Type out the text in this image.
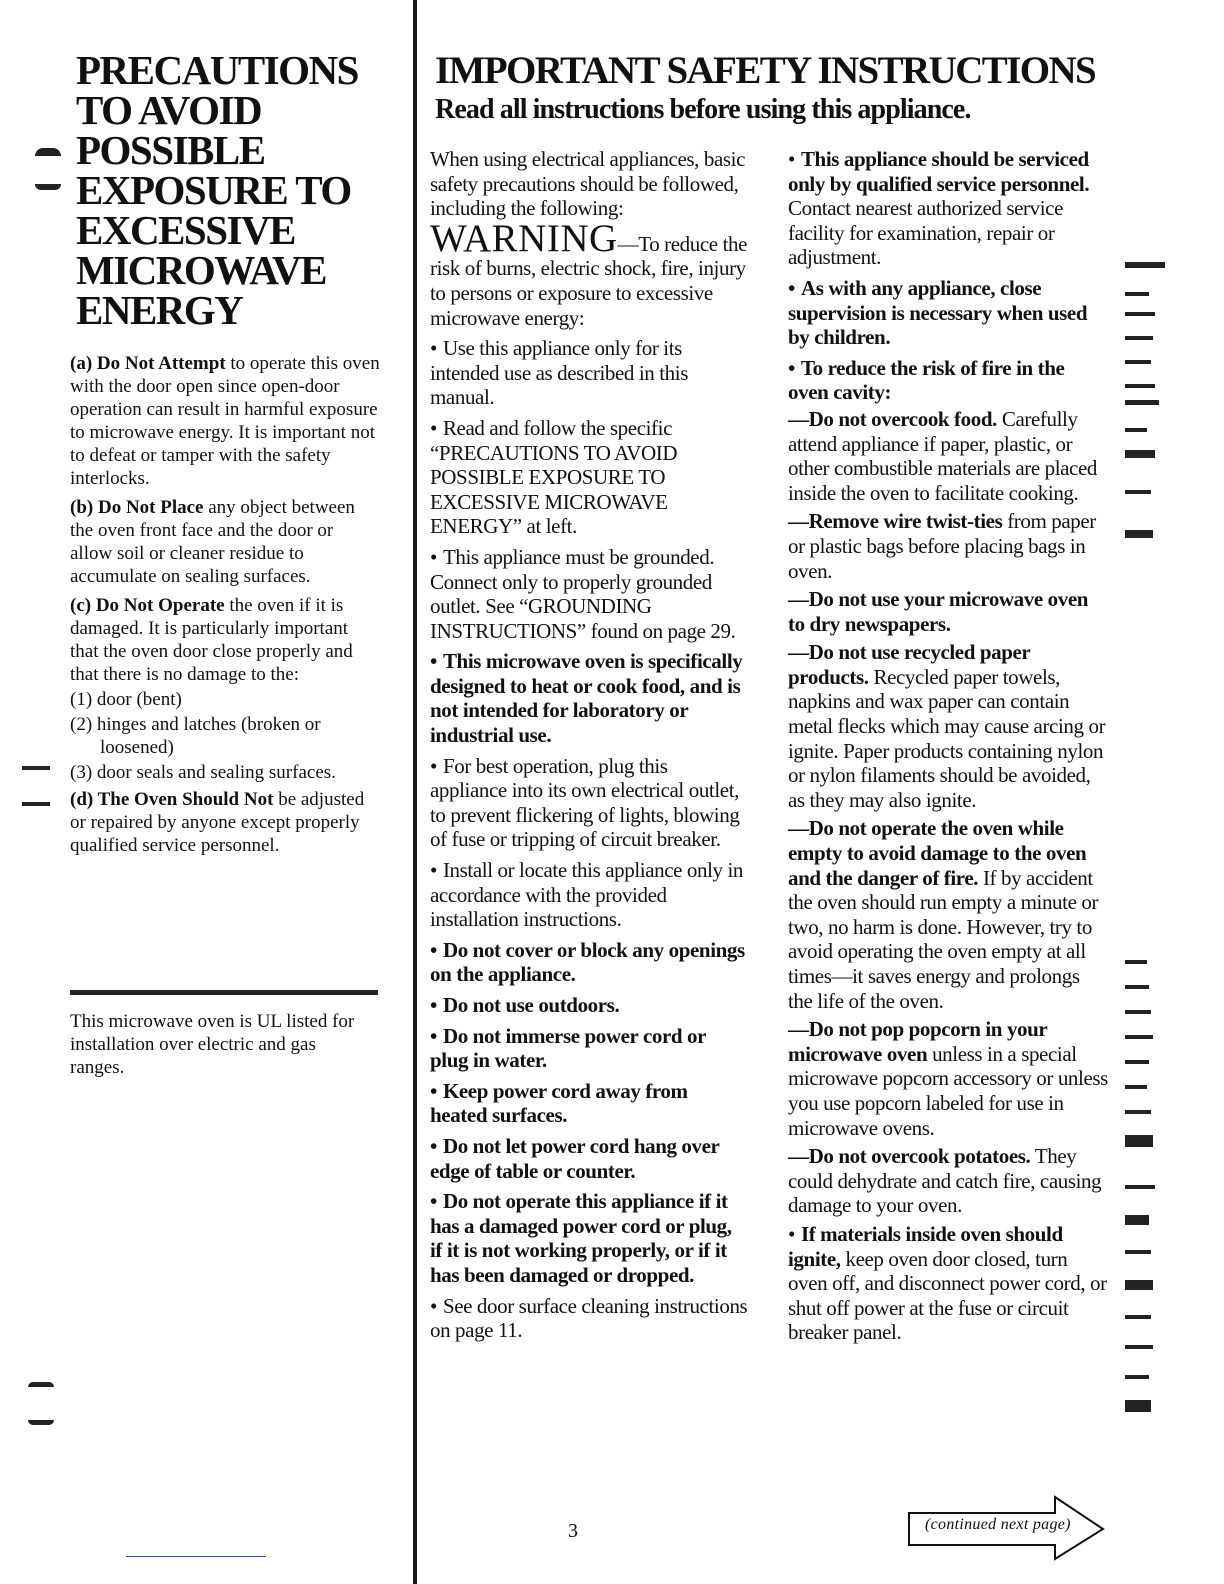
PRECAUTIONS
TO AVOID
POSSIBLE
EXPOSURE TO
EXCESSIVE
MICROWAVE
ENERGY
(a) Do Not Attempt to operate this oven with the door open since open-door operation can result in harmful exposure to microwave energy. It is important not to defeat or tamper with the safety interlocks.
(b) Do Not Place any object between the oven front face and the door or allow soil or cleaner residue to accumulate on sealing surfaces.
(c) Do Not Operate the oven if it is damaged. It is particularly important that the oven door close properly and that there is no damage to the:
(1) door (bent)
(2) hinges and latches (broken or loosened)
(3) door seals and sealing surfaces.
(d) The Oven Should Not be adjusted or repaired by anyone except properly qualified service personnel.
This microwave oven is UL listed for installation over electric and gas ranges.
IMPORTANT SAFETY INSTRUCTIONS
Read all instructions before using this appliance.
When using electrical appliances, basic safety precautions should be followed, including the following:
WARNING—To reduce the risk of burns, electric shock, fire, injury to persons or exposure to excessive microwave energy:
• Use this appliance only for its intended use as described in this manual.
• Read and follow the specific “PRECAUTIONS TO AVOID POSSIBLE EXPOSURE TO EXCESSIVE MICROWAVE ENERGY” at left.
• This appliance must be grounded. Connect only to properly grounded outlet. See “GROUNDING INSTRUCTIONS” found on page 29.
• This microwave oven is specifically designed to heat or cook food, and is not intended for laboratory or industrial use.
• For best operation, plug this appliance into its own electrical outlet, to prevent flickering of lights, blowing of fuse or tripping of circuit breaker.
• Install or locate this appliance only in accordance with the provided installation instructions.
• Do not cover or block any openings on the appliance.
• Do not use outdoors.
• Do not immerse power cord or plug in water.
• Keep power cord away from heated surfaces.
• Do not let power cord hang over edge of table or counter.
• Do not operate this appliance if it has a damaged power cord or plug, if it is not working properly, or if it has been damaged or dropped.
• See door surface cleaning instructions on page 11.
• This appliance should be serviced only by qualified service personnel. Contact nearest authorized service facility for examination, repair or adjustment.
• As with any appliance, close supervision is necessary when used by children.
• To reduce the risk of fire in the oven cavity:
—Do not overcook food. Carefully attend appliance if paper, plastic, or other combustible materials are placed inside the oven to facilitate cooking.
—Remove wire twist-ties from paper or plastic bags before placing bags in oven.
—Do not use your microwave oven to dry newspapers.
—Do not use recycled paper products. Recycled paper towels, napkins and wax paper can contain metal flecks which may cause arcing or ignite. Paper products containing nylon or nylon filaments should be avoided, as they may also ignite.
—Do not operate the oven while empty to avoid damage to the oven and the danger of fire. If by accident the oven should run empty a minute or two, no harm is done. However, try to avoid operating the oven empty at all times—it saves energy and prolongs the life of the oven.
—Do not pop popcorn in your microwave oven unless in a special microwave popcorn accessory or unless you use popcorn labeled for use in microwave ovens.
—Do not overcook potatoes. They could dehydrate and catch fire, causing damage to your oven.
• If materials inside oven should ignite, keep oven door closed, turn oven off, and disconnect power cord, or shut off power at the fuse or circuit breaker panel.
3	(continued next page)
